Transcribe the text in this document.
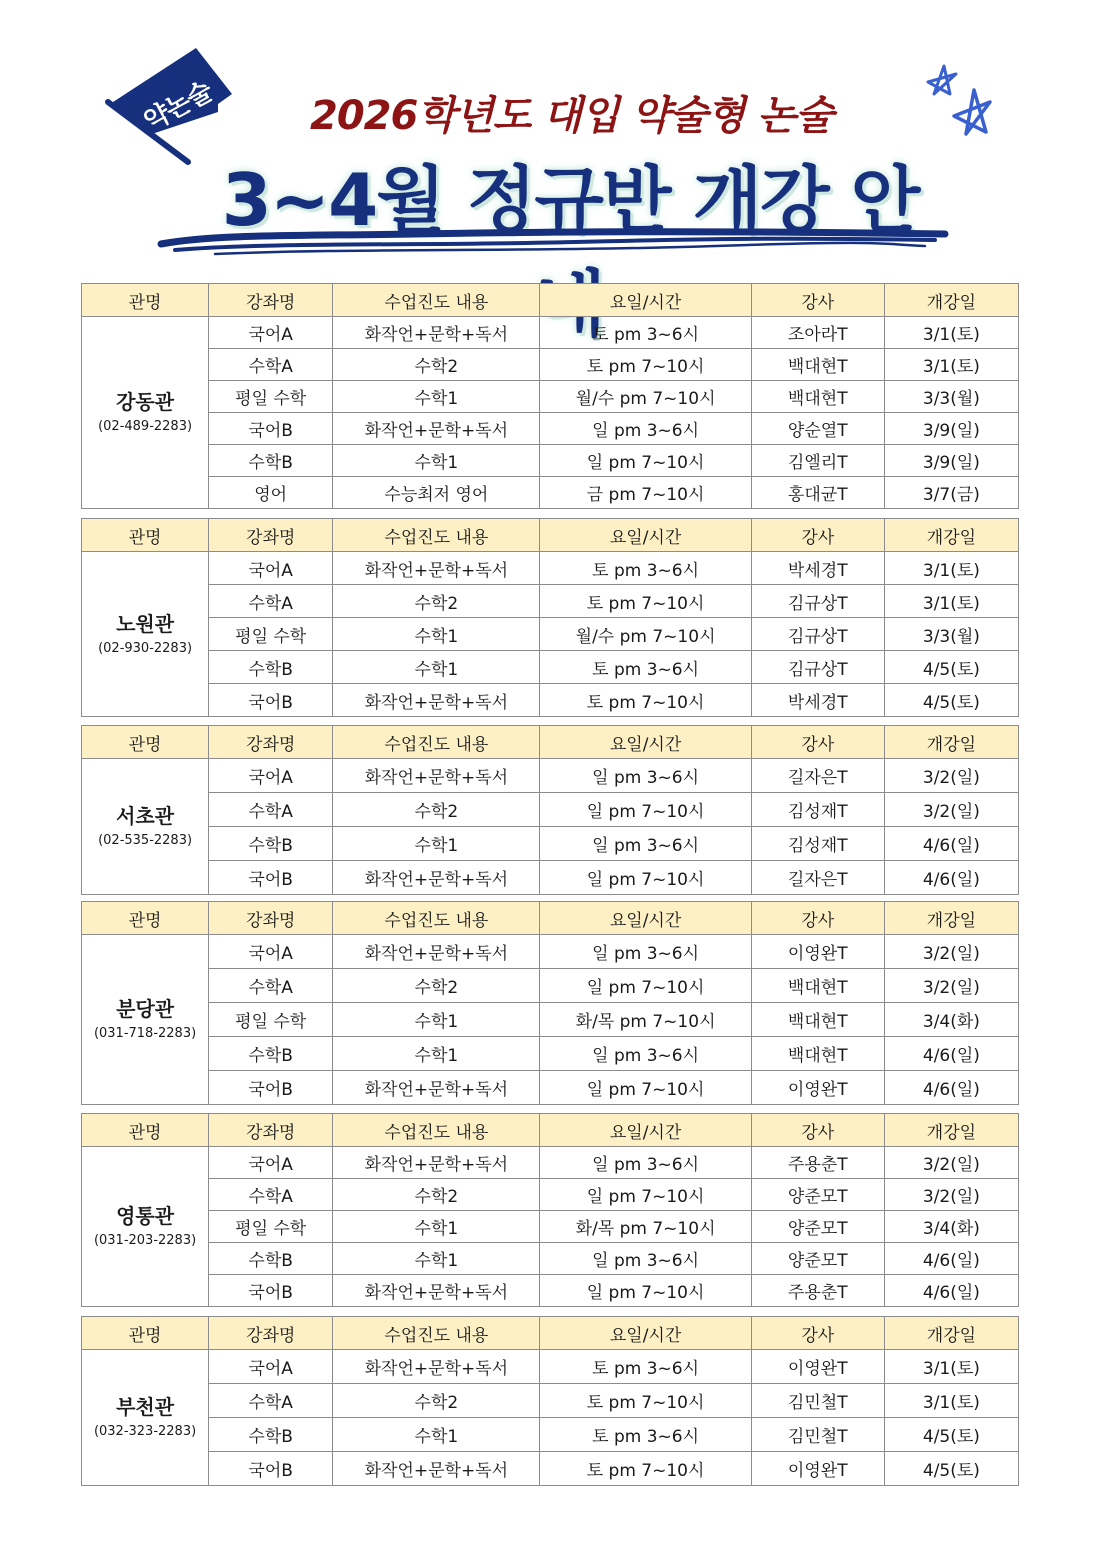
약논술	2026학년도 대입 약술형 논술
3~4월 정규반 개강 안
관명	강좌명	수업진도 내용	요일/시간	강사	개강일

강동관
(02-489-2283)	국어A	화작언+문학+독서	토 pm 3~6시	조아라T	3/1(토)
	수학A	수학2	토 pm 7~10시	백대현T	3/1(토)
	평일 수학	수학1	월/수 pm 7~10시	백대현T	3/3(월)
	국어B	화작언+문학+독서	일 pm 3~6시	양순열T	3/9(일)
	수학B	수학1	일 pm 7~10시	김엘리T	3/9(일)
	영어	수능최저 영어	금 pm 7~10시	홍대균T	3/7(금)
관명	강좌명	수업진도 내용	요일/시간	강사	개강일

노원관
(02-930-2283)	국어A	화작언+문학+독서	토 pm 3~6시	박세경T	3/1(토)
	수학A	수학2	토 pm 7~10시	김규상T	3/1(토)
	평일 수학	수학1	월/수 pm 7~10시	김규상T	3/3(월)
	수학B	수학1	토 pm 3~6시	김규상T	4/5(토)
	국어B	화작언+문학+독서	토 pm 7~10시	박세경T	4/5(토)
관명	강좌명	수업진도 내용	요일/시간	강사	개강일

서초관
(02-535-2283)	국어A	화작언+문학+독서	일 pm 3~6시	길자은T	3/2(일)
	수학A	수학2	일 pm 7~10시	김성재T	3/2(일)
	수학B	수학1	일 pm 3~6시	김성재T	4/6(일)
	국어B	화작언+문학+독서	일 pm 7~10시	길자은T	4/6(일)
관명	강좌명	수업진도 내용	요일/시간	강사	개강일

분당관
(031-718-2283)	국어A	화작언+문학+독서	일 pm 3~6시	이영완T	3/2(일)
	수학A	수학2	일 pm 7~10시	백대현T	3/2(일)
	평일 수학	수학1	화/목 pm 7~10시	백대현T	3/4(화)
	수학B	수학1	일 pm 3~6시	백대현T	4/6(일)
	국어B	화작언+문학+독서	일 pm 7~10시	이영완T	4/6(일)
관명	강좌명	수업진도 내용	요일/시간	강사	개강일

영통관
(031-203-2283)	국어A	화작언+문학+독서	일 pm 3~6시	주용춘T	3/2(일)
	수학A	수학2	일 pm 7~10시	양준모T	3/2(일)
	평일 수학	수학1	화/목 pm 7~10시	양준모T	3/4(화)
	수학B	수학1	일 pm 3~6시	양준모T	4/6(일)
	국어B	화작언+문학+독서	일 pm 7~10시	주용춘T	4/6(일)
관명	강좌명	수업진도 내용	요일/시간	강사	개강일

부천관
(032-323-2283)	국어A	화작언+문학+독서	토 pm 3~6시	이영완T	3/1(토)
	수학A	수학2	토 pm 7~10시	김민철T	3/1(토)
	수학B	수학1	토 pm 3~6시	김민철T	4/5(토)
	국어B	화작언+문학+독서	토 pm 7~10시	이영완T	4/5(토)
